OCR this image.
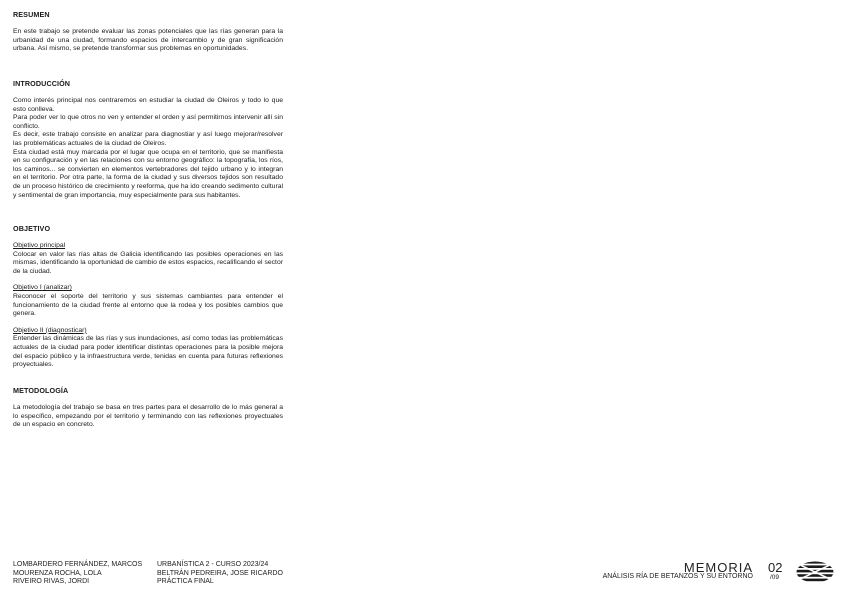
RESUMEN

En este trabajo se pretende evaluar las zonas potenciales que las rías generan para la urbanidad de una ciudad, formando espacios de intercambio y de gran significación urbana. Así mismo, se pretende transformar sus problemas en oportunidades.

INTRODUCCIÓN

Como interés principal nos centraremos en estudiar la ciudad de Oleiros y todo lo que esto conlleva.

Para poder ver lo que otros no ven y entender el orden y así permitirnos intervenir allí sin conflicto.

Es decir, este trabajo consiste en analizar para diagnostiar y así luego mejorar/resolver las problemáticas actuales de la ciudad de Oleiros.

Esta ciudad está muy marcada por el lugar que ocupa en el territorio, que se manifiesta en su configuración y en las relaciones con su entorno geográfico: la topografía, los ríos, los caminos... se convierten en elementos vertebradores del tejido urbano y lo integran en el territorio. Por otra parte, la forma de la ciudad y sus diversos tejidos son resultado de un proceso histórico de crecimiento y reeforma, que ha ido creando sedimento cultural y sentimental de gran importancia, muy especialmente para sus habitantes.

OBJETIVO

Objetivo principal
Colocar en valor las rías altas de Galicia identificando las posibles operaciones en las mismas, identificando la oportunidad de cambio de estos espacios, recalificando el sector de la ciudad.

Objetivo I (analizar)
Reconocer el soporte del territorio y sus sistemas cambiantes para entender el funcionamiento de la ciudad frente al entorno que la rodea y los posibles cambios que genera.

Objetivo II (diagnosticar)
Entender las dinámicas de las rías y sus inundaciones, así como todas las problemáticas actuales de la ciudad para poder identificar distintas operaciones para la posible mejora del espacio público y la infraestructura verde, tenidas en cuenta para futuras reflexiones proyectuales.

METODOLOGÍA

La metodología del trabajo se basa en tres partes para el desarrollo de lo más general a lo específico, empezando por el territorio y terminando con las reflexiones proyectuales de un espacio en concreto.

LOMBARDERO FERNÁNDEZ, MARCOS
MOURENZA ROCHA, LOLA
RIVEIRO RIVAS, JORDI
URBANÍSTICA 2 - CURSO 2023/24
BELTRÁN PEDREIRA, JOSE RICARDO
PRÁCTICA FINAL
MEMORIA
ANÁLISIS RÍA DE BETANZOS Y SU ENTORNO
02
/09
